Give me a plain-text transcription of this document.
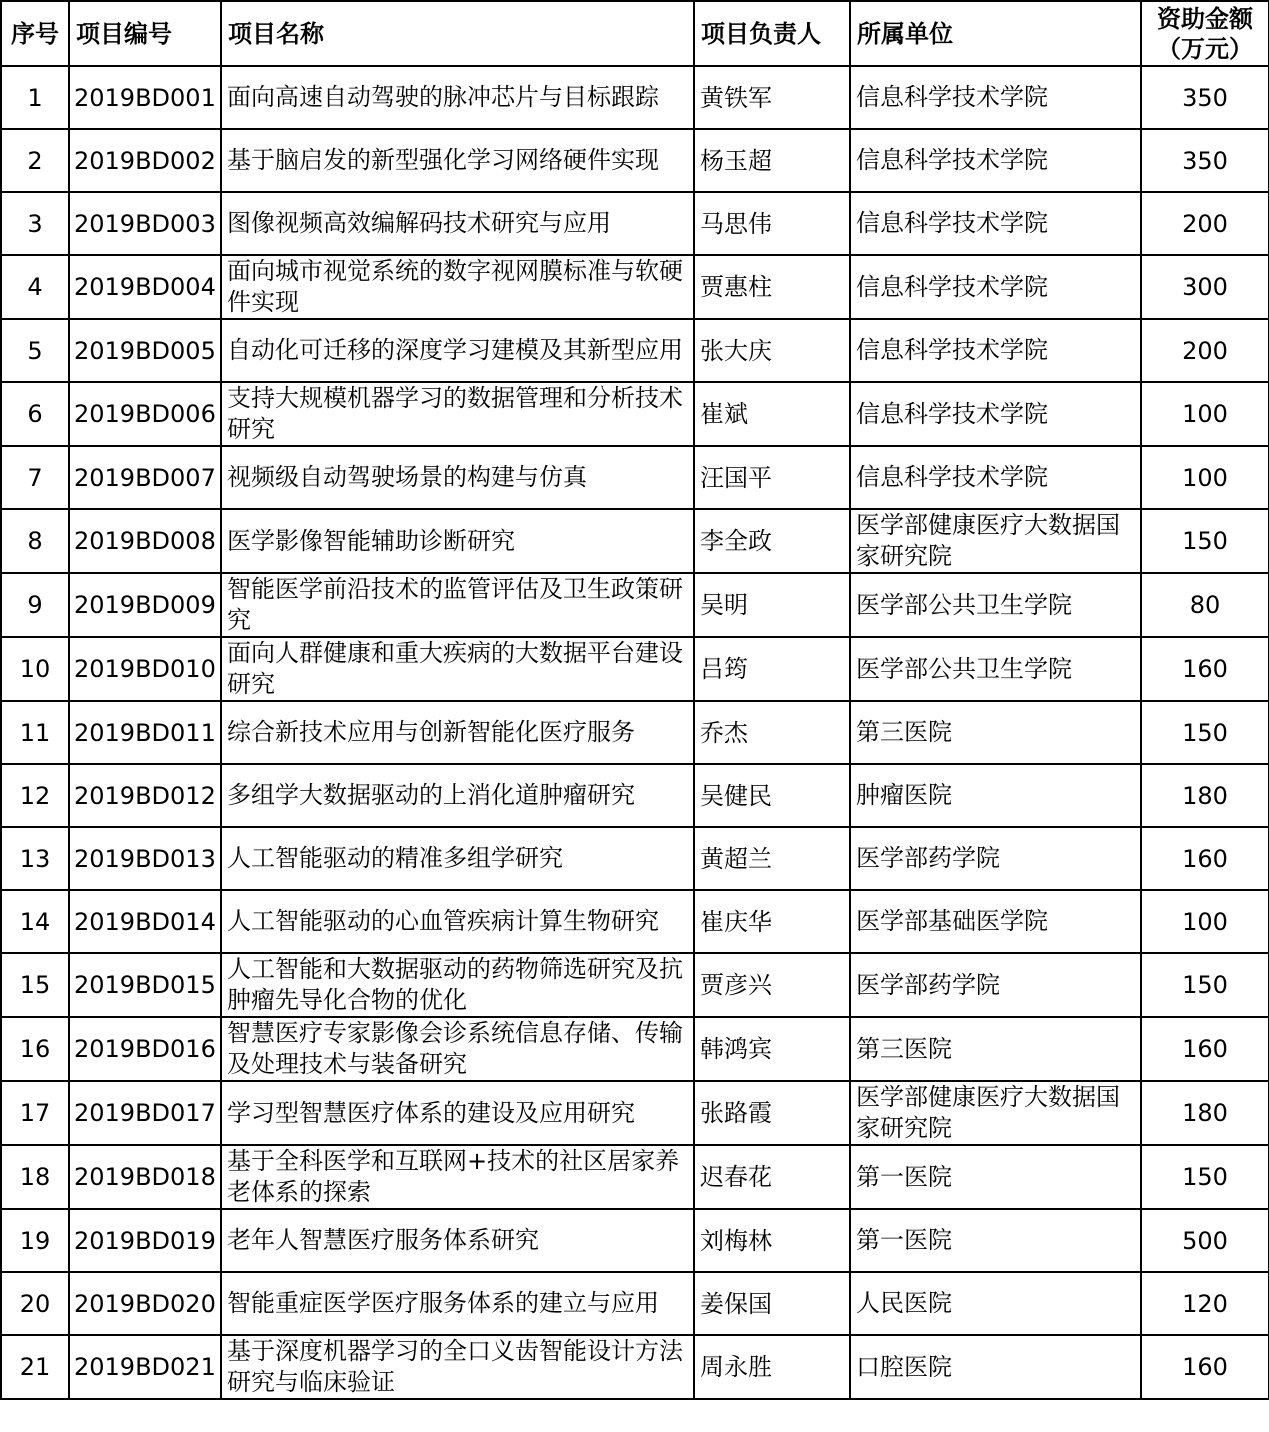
序号	项目编号	项目名称	项目负责人	所属单位	资助金额
（万元）

1	2019BD001	面向高速自动驾驶的脉冲芯片与目标跟踪	黄铁军	信息科学技术学院	350
2	2019BD002	基于脑启发的新型强化学习网络硬件实现	杨玉超	信息科学技术学院	350
3	2019BD003	图像视频高效编解码技术研究与应用	马思伟	信息科学技术学院	200
4	2019BD004	面向城市视觉系统的数字视网膜标准与软硬件实现	贾惠柱	信息科学技术学院	300
5	2019BD005	自动化可迁移的深度学习建模及其新型应用	张大庆	信息科学技术学院	200
6	2019BD006	支持大规模机器学习的数据管理和分析技术研究	崔斌	信息科学技术学院	100
7	2019BD007	视频级自动驾驶场景的构建与仿真	汪国平	信息科学技术学院	100
8	2019BD008	医学影像智能辅助诊断研究	李全政	医学部健康医疗大数据国家研究院	150
9	2019BD009	智能医学前沿技术的监管评估及卫生政策研究	吴明	医学部公共卫生学院	80
10	2019BD010	面向人群健康和重大疾病的大数据平台建设研究	吕筠	医学部公共卫生学院	160
11	2019BD011	综合新技术应用与创新智能化医疗服务	乔杰	第三医院	150
12	2019BD012	多组学大数据驱动的上消化道肿瘤研究	吴健民	肿瘤医院	180
13	2019BD013	人工智能驱动的精准多组学研究	黄超兰	医学部药学院	160
14	2019BD014	人工智能驱动的心血管疾病计算生物研究	崔庆华	医学部基础医学院	100
15	2019BD015	人工智能和大数据驱动的药物筛选研究及抗肿瘤先导化合物的优化	贾彦兴	医学部药学院	150
16	2019BD016	智慧医疗专家影像会诊系统信息存储、传输及处理技术与装备研究	韩鸿宾	第三医院	160
17	2019BD017	学习型智慧医疗体系的建设及应用研究	张路霞	医学部健康医疗大数据国家研究院	180
18	2019BD018	基于全科医学和互联网+技术的社区居家养老体系的探索	迟春花	第一医院	150
19	2019BD019	老年人智慧医疗服务体系研究	刘梅林	第一医院	500
20	2019BD020	智能重症医学医疗服务体系的建立与应用	姜保国	人民医院	120
21	2019BD021	基于深度机器学习的全口义齿智能设计方法研究与临床验证	周永胜	口腔医院	160
